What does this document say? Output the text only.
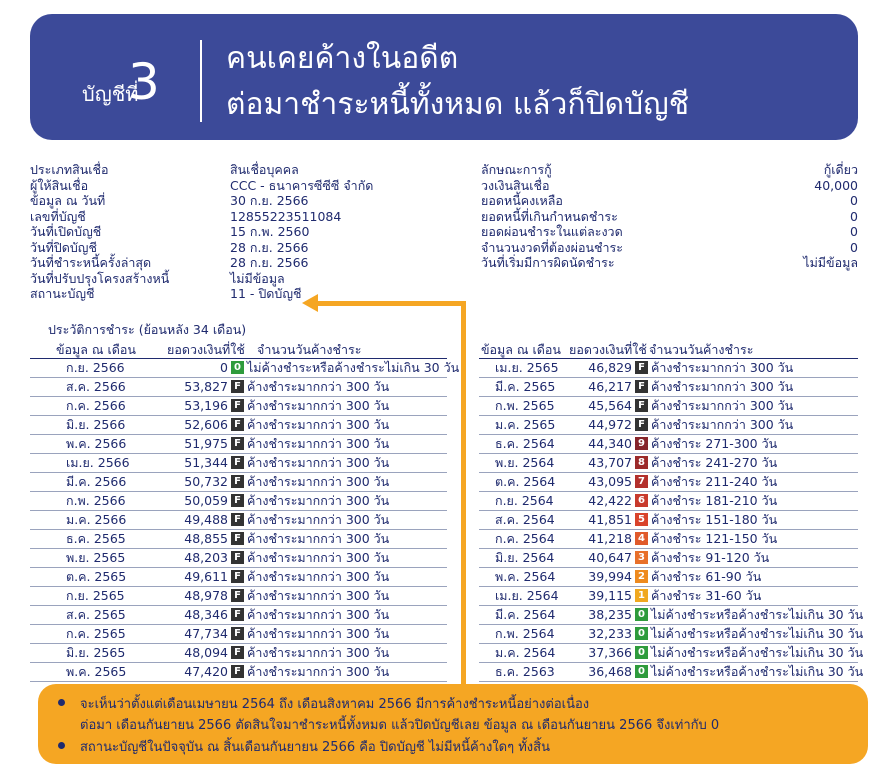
บัญชีที่
3 คนเคยค้างในอดีต
ต่อมาชำระหนี้ทั้งหมด แล้วก็ปิดบัญชี
ประเภทสินเชื่อ	สินเชื่อบุคคล
ผู้ให้สินเชื่อ	CCC - ธนาคารซีซีซี จำกัด
ข้อมูล ณ วันที่	30 ก.ย. 2566
เลขที่บัญชี	1285522351​1084
วันที่เปิดบัญชี	15 ก.พ. 2560
วันที่ปิดบัญชี	28 ก.ย. 2566
วันที่ชำระหนี้ครั้งล่าสุด	28 ก.ย. 2566
วันที่ปรับปรุงโครงสร้างหนี้	ไม่มีข้อมูล
สถานะบัญชี	11 - ปิดบัญชี
ลักษณะการกู้	กู้เดี่ยว
วงเงินสินเชื่อ	40,000
ยอดหนี้คงเหลือ	0
ยอดหนี้ที่เกินกำหนดชำระ	0
ยอดผ่อนชำระในแต่ละงวด	0
จำนวนงวดที่ต้องผ่อนชำระ	0
วันที่เริ่มมีการผิดนัดชำระ	ไม่มีข้อมูล
ประวัติการชำระ (ย้อนหลัง 34 เดือน)
ข้อมูล ณ เดือน ยอดวงเงินที่ใช้ จำนวนวันค้างชำระ	ข้อมูล ณ เดือน ยอดวงเงินที่ใช้ จำนวนวันค้างชำระ
ก.ย. 2566	0 0 ไม่ค้างชำระหรือค้างชำระไม่เกิน 30 วัน
ส.ค. 2566	53,827 F ค้างชำระมากกว่า 300 วัน
ก.ค. 2566	53,196 F ค้างชำระมากกว่า 300 วัน
มิ.ย. 2566	52,606 F ค้างชำระมากกว่า 300 วัน
พ.ค. 2566	51,975 F ค้างชำระมากกว่า 300 วัน
เม.ย. 2566	51,344 F ค้างชำระมากกว่า 300 วัน
มี.ค. 2566	50,732 F ค้างชำระมากกว่า 300 วัน
ก.พ. 2566	50,059 F ค้างชำระมากกว่า 300 วัน
ม.ค. 2566	49,488 F ค้างชำระมากกว่า 300 วัน
ธ.ค. 2565	48,855 F ค้างชำระมากกว่า 300 วัน
พ.ย. 2565	48,203 F ค้างชำระมากกว่า 300 วัน
ต.ค. 2565	49,611 F ค้างชำระมากกว่า 300 วัน
ก.ย. 2565	48,978 F ค้างชำระมากกว่า 300 วัน
ส.ค. 2565	48,346 F ค้างชำระมากกว่า 300 วัน
ก.ค. 2565	47,734 F ค้างชำระมากกว่า 300 วัน
มิ.ย. 2565	48,094 F ค้างชำระมากกว่า 300 วัน
พ.ค. 2565	47,420 F ค้างชำระมากกว่า 300 วัน
เม.ย. 2565	46,829 F ค้างชำระมากกว่า 300 วัน
มี.ค. 2565	46,217 F ค้างชำระมากกว่า 300 วัน
ก.พ. 2565	45,564 F ค้างชำระมากกว่า 300 วัน
ม.ค. 2565	44,972 F ค้างชำระมากกว่า 300 วัน
ธ.ค. 2564	44,340 9 ค้างชำระ 271-300 วัน
พ.ย. 2564	43,707 8 ค้างชำระ 241-270 วัน
ต.ค. 2564	43,095 7 ค้างชำระ 211-240 วัน
ก.ย. 2564	42,422 6 ค้างชำระ 181-210 วัน
ส.ค. 2564	41,851 5 ค้างชำระ 151-180 วัน
ก.ค. 2564	41,218 4 ค้างชำระ 121-150 วัน
มิ.ย. 2564	40,647 3 ค้างชำระ 91-120 วัน
พ.ค. 2564	39,994 2 ค้างชำระ 61-90 วัน
เม.ย. 2564	39,115 1 ค้างชำระ 31-60 วัน
มี.ค. 2564	38,235 0 ไม่ค้างชำระหรือค้างชำระไม่เกิน 30 วัน
ก.พ. 2564	32,233 0 ไม่ค้างชำระหรือค้างชำระไม่เกิน 30 วัน
ม.ค. 2564	37,366 0 ไม่ค้างชำระหรือค้างชำระไม่เกิน 30 วัน
ธ.ค. 2563	36,468 0 ไม่ค้างชำระหรือค้างชำระไม่เกิน 30 วัน
จะเห็นว่าตั้งแต่เดือนเมษายน 2564 ถึง เดือนสิงหาคม 2566 มีการค้างชำระหนี้อย่างต่อเนื่อง
ต่อมา เดือนกันยายน 2566 ตัดสินใจมาชำระหนี้ทั้งหมด แล้วปิดบัญชีเลย ข้อมูล ณ เดือนกันยายน 2566 จึงเท่ากับ 0
สถานะบัญชีในปัจจุบัน ณ สิ้นเดือนกันยายน 2566 คือ ปิดบัญชี ไม่มีหนี้ค้างใดๆ ทั้งสิ้น
